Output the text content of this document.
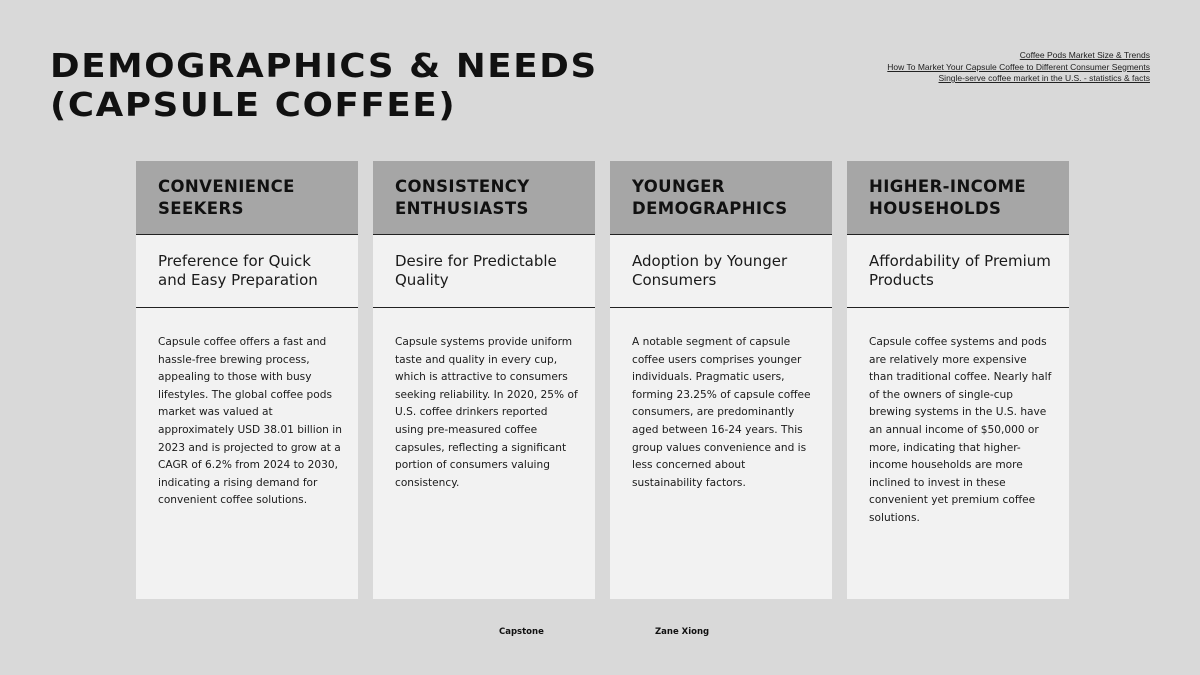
DEMOGRAPHICS & NEEDS
(CAPSULE COFFEE)
Coffee Pods Market Size & Trends
How To Market Your Capsule Coffee to Different Consumer Segments
Single-serve coffee market in the U.S. - statistics & facts
CONVENIENCE SEEKERS
Preference for Quick and Easy Preparation
Capsule coffee offers a fast and hassle-free brewing process, appealing to those with busy lifestyles. The global coffee pods market was valued at approximately USD 38.01 billion in 2023 and is projected to grow at a CAGR of 6.2% from 2024 to 2030, indicating a rising demand for convenient coffee solutions.
CONSISTENCY ENTHUSIASTS
Desire for Predictable Quality
Capsule systems provide uniform taste and quality in every cup, which is attractive to consumers seeking reliability. In 2020, 25% of U.S. coffee drinkers reported using pre-measured coffee capsules, reflecting a significant portion of consumers valuing consistency.
YOUNGER DEMOGRAPHICS
Adoption by Younger Consumers
A notable segment of capsule coffee users comprises younger individuals. Pragmatic users, forming 23.25% of capsule coffee consumers, are predominantly aged between 16-24 years. This group values convenience and is less concerned about sustainability factors.
HIGHER-INCOME HOUSEHOLDS
Affordability of Premium Products
Capsule coffee systems and pods are relatively more expensive than traditional coffee. Nearly half of the owners of single-cup brewing systems in the U.S. have an annual income of $50,000 or more, indicating that higher-income households are more inclined to invest in these convenient yet premium coffee solutions.
Capstone	Zane Xiong
